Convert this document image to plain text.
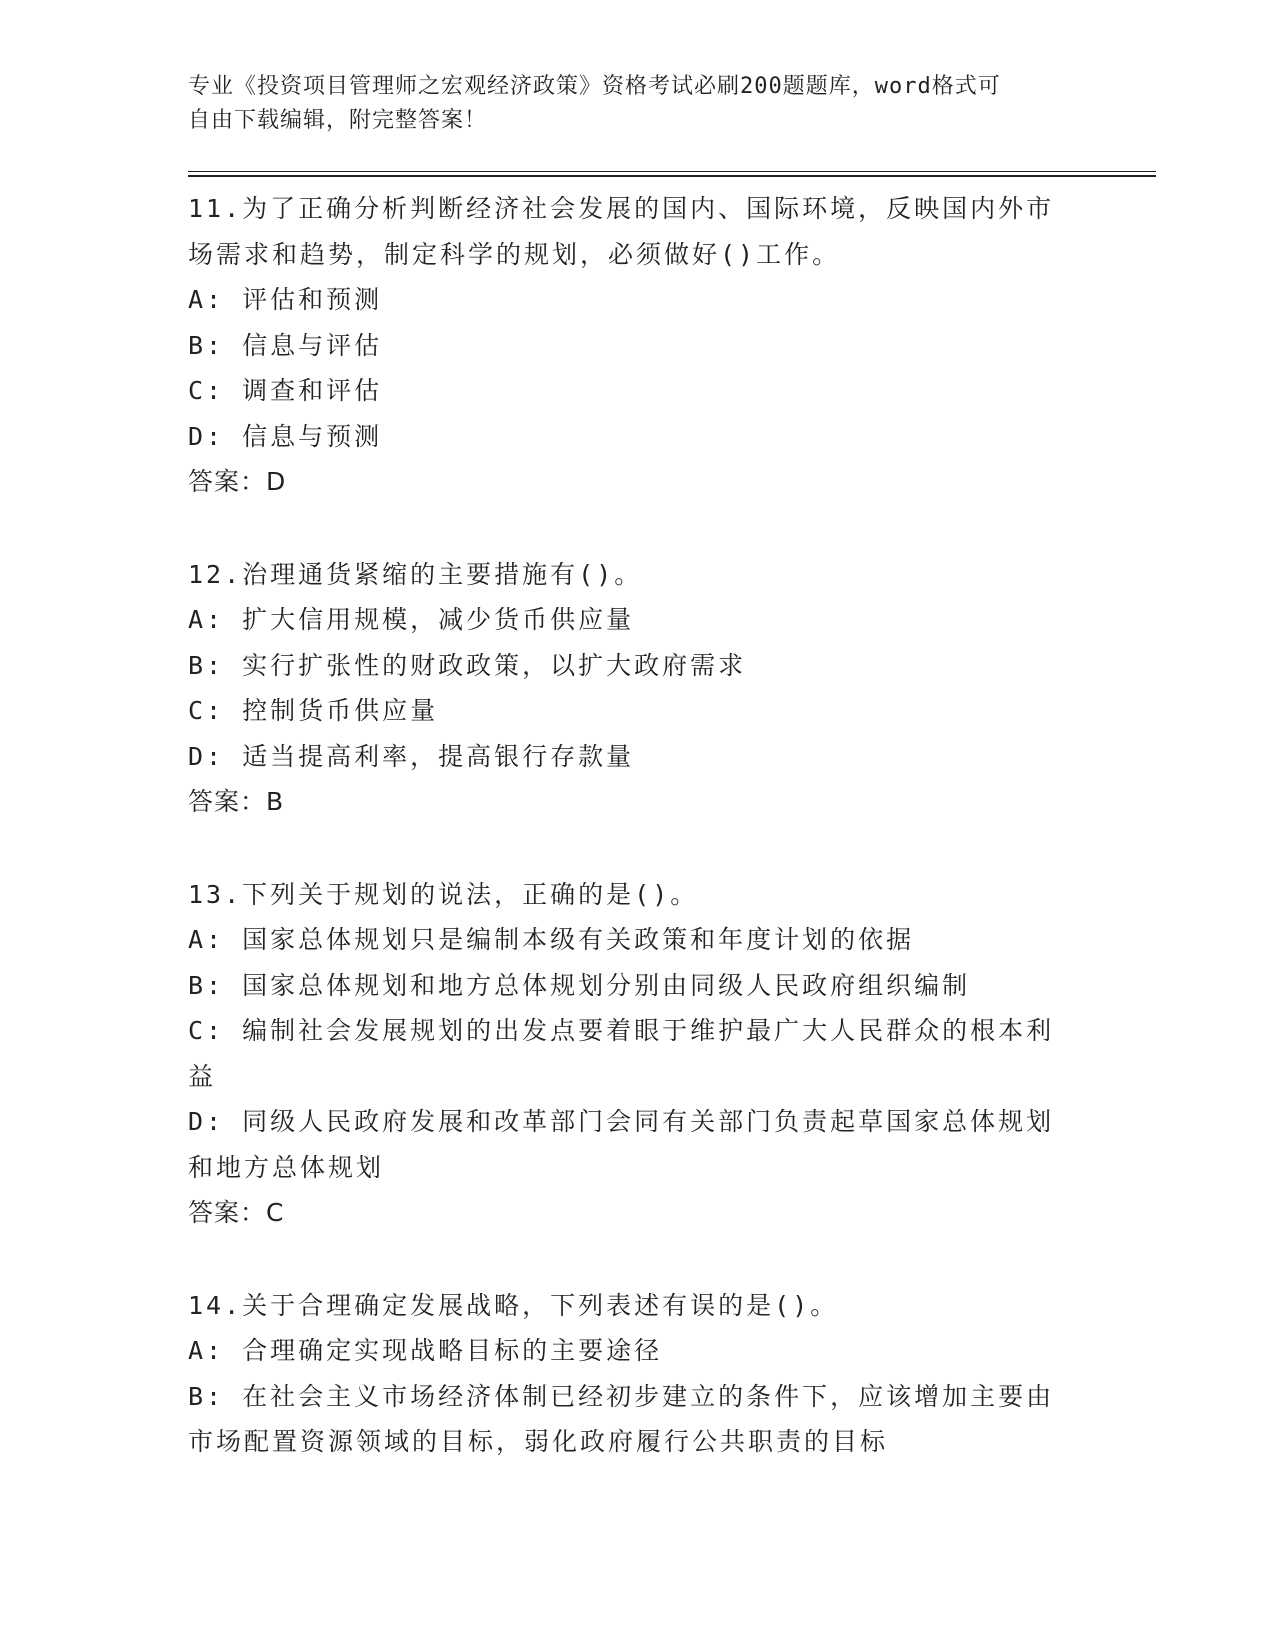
专业《投资项目管理师之宏观经济政策》资格考试必刷200题题库，word格式可
自由下载编辑，附完整答案！
11.为了正确分析判断经济社会发展的国内、国际环境，反映国内外市
场需求和趋势，制定科学的规划，必须做好()工作。
A: 评估和预测
B: 信息与评估
C: 调查和评估
D: 信息与预测
答案：D
12.治理通货紧缩的主要措施有()。
A: 扩大信用规模，减少货币供应量
B: 实行扩张性的财政政策，以扩大政府需求
C: 控制货币供应量
D: 适当提高利率，提高银行存款量
答案：B
13.下列关于规划的说法，正确的是()。
A: 国家总体规划只是编制本级有关政策和年度计划的依据
B: 国家总体规划和地方总体规划分别由同级人民政府组织编制
C: 编制社会发展规划的出发点要着眼于维护最广大人民群众的根本利
益
D: 同级人民政府发展和改革部门会同有关部门负责起草国家总体规划
和地方总体规划
答案：C
14.关于合理确定发展战略，下列表述有误的是()。
A: 合理确定实现战略目标的主要途径
B: 在社会主义市场经济体制已经初步建立的条件下，应该增加主要由
市场配置资源领域的目标，弱化政府履行公共职责的目标
